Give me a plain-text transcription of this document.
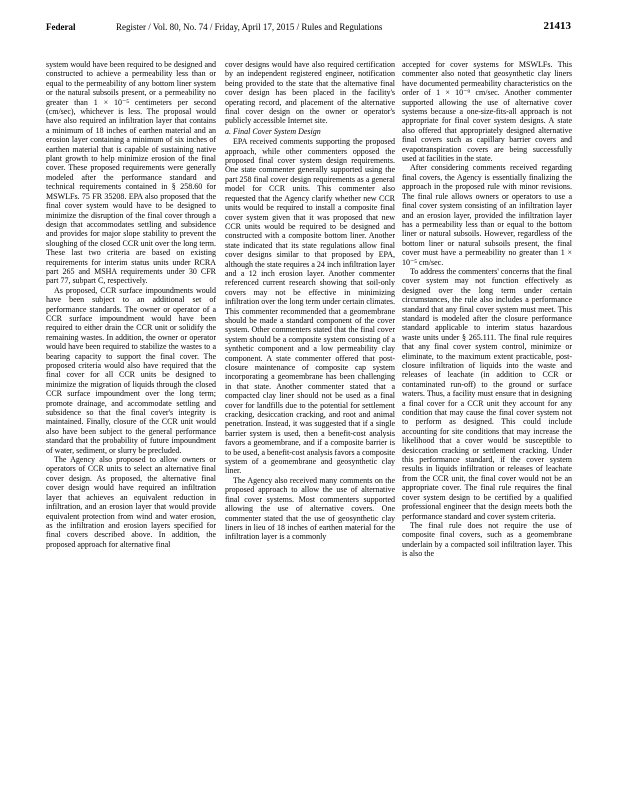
Federal	Register / Vol. 80, No. 74 / Friday, April 17, 2015 / Rules and Regulations	21413

system would have been required to be designed and constructed to achieve a permeability less than or equal to the permeability of any bottom liner system or the natural subsoils present, or a permeability no greater than 1 × 10⁻⁵ centimeters per second (cm/sec), whichever is less. The proposal would have also required an infiltration layer that contains a minimum of 18 inches of earthen material and an erosion layer containing a minimum of six inches of earthen material that is capable of sustaining native plant growth to help minimize erosion of the final cover. These proposed requirements were generally modeled after the performance standard and technical requirements contained in § 258.60 for MSWLFs. 75 FR 35208. EPA also proposed that the final cover system would have to be designed to minimize the disruption of the final cover through a design that accommodates settling and subsidence and provides for major slope stability to prevent the sloughing of the closed CCR unit over the long term. These last two criteria are based on existing requirements for interim status units under RCRA part 265 and MSHA requirements under 30 CFR part 77, subpart C, respectively.

As proposed, CCR surface impoundments would have been subject to an additional set of performance standards. The owner or operator of a CCR surface impoundment would have been required to either drain the CCR unit or solidify the remaining wastes. In addition, the owner or operator would have been required to stabilize the wastes to a bearing capacity to support the final cover. The proposed criteria would also have required that the final cover for all CCR units be designed to minimize the migration of liquids through the closed CCR surface impoundment over the long term; promote drainage, and accommodate settling and subsidence so that the final cover's integrity is maintained. Finally, closure of the CCR unit would also have been subject to the general performance standard that the probability of future impoundment of water, sediment, or slurry be precluded.

The Agency also proposed to allow owners or operators of CCR units to select an alternative final cover design. As proposed, the alternative final cover design would have required an infiltration layer that achieves an equivalent reduction in infiltration, and an erosion layer that would provide equivalent protection from wind and water erosion, as the infiltration and erosion layers specified for final covers described above. In addition, the proposed approach for alternative final

cover designs would have also required certification by an independent registered engineer, notification being provided to the state that the alternative final cover design has been placed in the facility's operating record, and placement of the alternative final cover design on the owner or operator's publicly accessible Internet site.

a. Final Cover System Design

EPA received comments supporting the proposed approach, while other commenters opposed the proposed final cover system design requirements. One state commenter generally supported using the part 258 final cover design requirements as a general model for CCR units. This commenter also requested that the Agency clarify whether new CCR units would be required to install a composite final cover system given that it was proposed that new CCR units would be required to be designed and constructed with a composite bottom liner. Another state indicated that its state regulations allow final cover designs similar to that proposed by EPA, although the state requires a 24 inch infiltration layer and a 12 inch erosion layer. Another commenter referenced current research showing that soil-only covers may not be effective in minimizing infiltration over the long term under certain climates. This commenter recommended that a geomembrane should be made a standard component of the cover system. Other commenters stated that the final cover system should be a composite system consisting of a synthetic component and a low permeability clay component. A state commenter offered that post-closure maintenance of composite cap system incorporating a geomembrane has been challenging in that state. Another commenter stated that a compacted clay liner should not be used as a final cover for landfills due to the potential for settlement cracking, desiccation cracking, and root and animal penetration. Instead, it was suggested that if a single barrier system is used, then a benefit-cost analysis favors a geomembrane, and if a composite barrier is to be used, a benefit-cost analysis favors a composite system of a geomembrane and geosynthetic clay liner.

The Agency also received many comments on the proposed approach to allow the use of alternative final cover systems. Most commenters supported allowing the use of alternative covers. One commenter stated that the use of geosynthetic clay liners in lieu of 18 inches of earthen material for the infiltration layer is a commonly

accepted for cover systems for MSWLFs. This commenter also noted that geosynthetic clay liners have documented permeability characteristics on the order of 1 × 10⁻⁹ cm/sec. Another commenter supported allowing the use of alternative cover systems because a one-size-fits-all approach is not appropriate for final cover system designs. A state also offered that appropriately designed alternative final covers such as capillary barrier covers and evapotranspiration covers are being successfully used at facilities in the state.

After considering comments received regarding final covers, the Agency is essentially finalizing the approach in the proposed rule with minor revisions. The final rule allows owners or operators to use a final cover system consisting of an infiltration layer and an erosion layer, provided the infiltration layer has a permeability less than or equal to the bottom liner or natural subsoils. However, regardless of the bottom liner or natural subsoils present, the final cover must have a permeability no greater than 1 × 10⁻⁵ cm/sec.

To address the commenters' concerns that the final cover system may not function effectively as designed over the long term under certain circumstances, the rule also includes a performance standard that any final cover system must meet. This standard is modeled after the closure performance standard applicable to interim status hazardous waste units under § 265.111. The final rule requires that any final cover system control, minimize or eliminate, to the maximum extent practicable, post-closure infiltration of liquids into the waste and releases of leachate (in addition to CCR or contaminated run-off) to the ground or surface waters. Thus, a facility must ensure that in designing a final cover for a CCR unit they account for any condition that may cause the final cover system not to perform as designed. This could include accounting for site conditions that may increase the likelihood that a cover would be susceptible to desiccation cracking or settlement cracking. Under this performance standard, if the cover system results in liquids infiltration or releases of leachate from the CCR unit, the final cover would not be an appropriate cover. The final rule requires the final cover system design to be certified by a qualified professional engineer that the design meets both the performance standard and cover system criteria.

The final rule does not require the use of composite final covers, such as a geomembrane underlain by a compacted soil infiltration layer. This is also the
